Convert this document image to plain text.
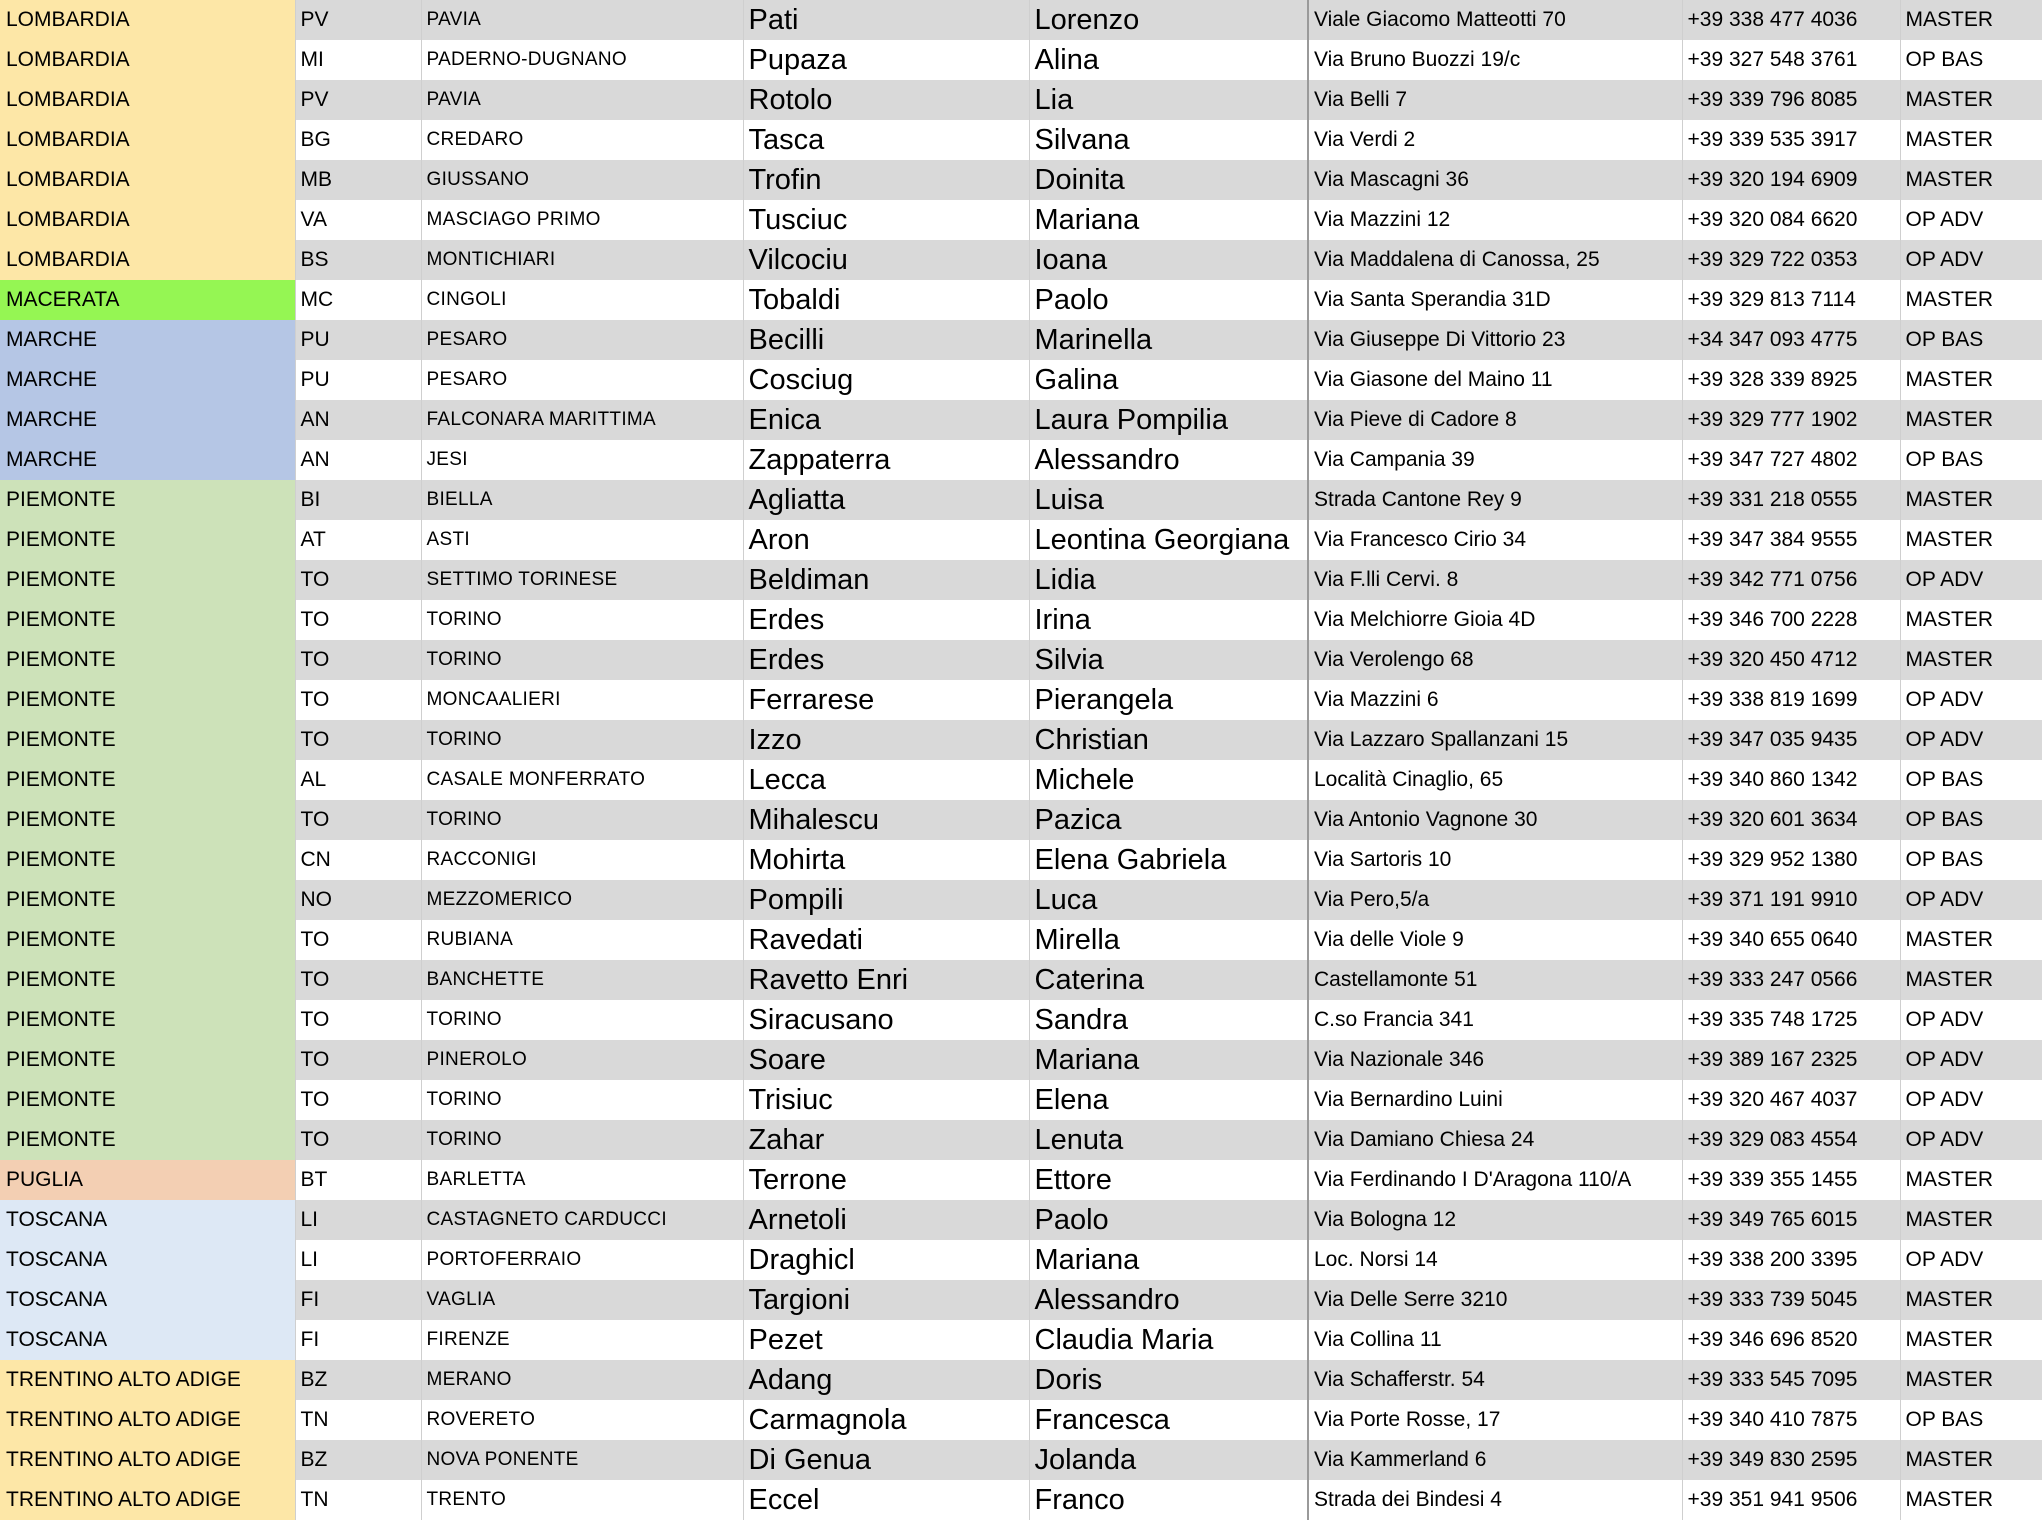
LOMBARDIA	PV	PAVIA	Pati	Lorenzo	Viale Giacomo Matteotti 70	+39 338 477 4036	MASTER
LOMBARDIA	MI	PADERNO-DUGNANO	Pupaza	Alina	Via Bruno Buozzi 19/c	+39 327 548 3761	OP BAS
LOMBARDIA	PV	PAVIA	Rotolo	Lia	Via Belli 7	+39 339 796 8085	MASTER
LOMBARDIA	BG	CREDARO	Tasca	Silvana	Via Verdi 2	+39 339 535 3917	MASTER
LOMBARDIA	MB	GIUSSANO	Trofin	Doinita	Via Mascagni 36	+39 320 194 6909	MASTER
LOMBARDIA	VA	MASCIAGO PRIMO	Tusciuc	Mariana	Via Mazzini 12	+39 320 084 6620	OP ADV
LOMBARDIA	BS	MONTICHIARI	Vilcociu	Ioana	Via Maddalena di Canossa, 25	+39 329 722 0353	OP ADV
MACERATA	MC	CINGOLI	Tobaldi	Paolo	Via Santa Sperandia 31D	+39 329 813 7114	MASTER
MARCHE	PU	PESARO	Becilli	Marinella	Via Giuseppe Di Vittorio 23	+34 347 093 4775	OP BAS
MARCHE	PU	PESARO	Cosciug	Galina	Via Giasone del Maino 11	+39 328 339 8925	MASTER
MARCHE	AN	FALCONARA MARITTIMA	Enica	Laura Pompilia	Via Pieve di Cadore 8	+39 329 777 1902	MASTER
MARCHE	AN	JESI	Zappaterra	Alessandro	Via Campania 39	+39 347 727 4802	OP BAS
PIEMONTE	BI	BIELLA	Agliatta	Luisa	Strada Cantone Rey 9	+39 331 218 0555	MASTER
PIEMONTE	AT	ASTI	Aron	Leontina Georgiana	Via Francesco Cirio 34	+39 347 384 9555	MASTER
PIEMONTE	TO	SETTIMO TORINESE	Beldiman	Lidia	Via F.lli Cervi. 8	+39 342 771 0756	OP ADV
PIEMONTE	TO	TORINO	Erdes	Irina	Via Melchiorre Gioia 4D	+39 346 700 2228	MASTER
PIEMONTE	TO	TORINO	Erdes	Silvia	Via Verolengo 68	+39 320 450 4712	MASTER
PIEMONTE	TO	MONCAALIERI	Ferrarese	Pierangela	Via Mazzini 6	+39 338 819 1699	OP ADV
PIEMONTE	TO	TORINO	Izzo	Christian	Via Lazzaro Spallanzani 15	+39 347 035 9435	OP ADV
PIEMONTE	AL	CASALE MONFERRATO	Lecca	Michele	Località Cinaglio, 65	+39 340 860 1342	OP BAS
PIEMONTE	TO	TORINO	Mihalescu	Pazica	Via Antonio Vagnone 30	+39 320 601 3634	OP BAS
PIEMONTE	CN	RACCONIGI	Mohirta	Elena Gabriela	Via Sartoris 10	+39 329 952 1380	OP BAS
PIEMONTE	NO	MEZZOMERICO	Pompili	Luca	Via Pero,5/a	+39 371 191 9910	OP ADV
PIEMONTE	TO	RUBIANA	Ravedati	Mirella	Via delle Viole 9	+39 340 655 0640	MASTER
PIEMONTE	TO	BANCHETTE	Ravetto Enri	Caterina	Castellamonte 51	+39 333 247 0566	MASTER
PIEMONTE	TO	TORINO	Siracusano	Sandra	C.so Francia 341	+39 335 748 1725	OP ADV
PIEMONTE	TO	PINEROLO	Soare	Mariana	Via Nazionale 346	+39 389 167 2325	OP ADV
PIEMONTE	TO	TORINO	Trisiuc	Elena	Via Bernardino Luini	+39 320 467 4037	OP ADV
PIEMONTE	TO	TORINO	Zahar	Lenuta	Via Damiano Chiesa 24	+39 329 083 4554	OP ADV
PUGLIA	BT	BARLETTA	Terrone	Ettore	Via Ferdinando I D'Aragona 110/A	+39 339 355 1455	MASTER
TOSCANA	LI	CASTAGNETO CARDUCCI	Arnetoli	Paolo	Via Bologna 12	+39 349 765 6015	MASTER
TOSCANA	LI	PORTOFERRAIO	Draghicl	Mariana	Loc. Norsi 14	+39 338 200 3395	OP ADV
TOSCANA	FI	VAGLIA	Targioni	Alessandro	Via Delle Serre 3210	+39 333 739 5045	MASTER
TOSCANA	FI	FIRENZE	Pezet	Claudia Maria	Via Collina 11	+39 346 696 8520	MASTER
TRENTINO ALTO ADIGE	BZ	MERANO	Adang	Doris	Via Schafferstr. 54	+39 333 545 7095	MASTER
TRENTINO ALTO ADIGE	TN	ROVERETO	Carmagnola	Francesca	Via Porte Rosse, 17	+39 340 410 7875	OP BAS
TRENTINO ALTO ADIGE	BZ	NOVA PONENTE	Di Genua	Jolanda	Via Kammerland 6	+39 349 830 2595	MASTER
TRENTINO ALTO ADIGE	TN	TRENTO	Eccel	Franco	Strada dei Bindesi 4	+39 351 941 9506	MASTER
